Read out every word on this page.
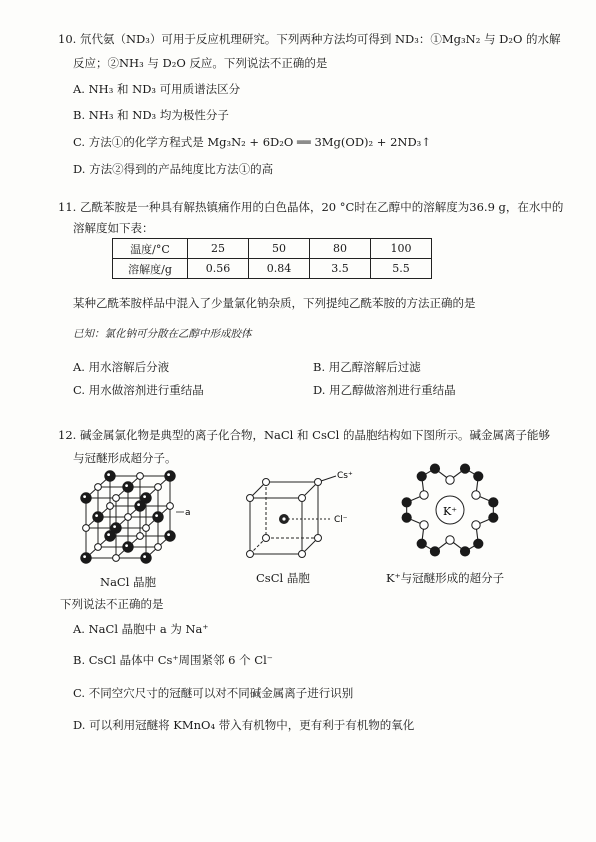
10. 氘代氨（ND₃）可用于反应机理研究。下列两种方法均可得到 ND₃：①Mg₃N₂ 与 D₂O 的水解
反应；②NH₃ 与 D₂O 反应。下列说法不正确的是
A. NH₃ 和 ND₃ 可用质谱法区分
B. NH₃ 和 ND₃ 均为极性分子
C. 方法①的化学方程式是 Mg₃N₂ + 6D₂O ══ 3Mg(OD)₂ + 2ND₃↑
D. 方法②得到的产品纯度比方法①的高
11. 乙酰苯胺是一种具有解热镇痛作用的白色晶体，20 °C时在乙醇中的溶解度为36.9 g，在水中的
溶解度如下表：
温度/°C	25	50	80	100
溶解度/g	0.56	0.84	3.5	5.5
某种乙酰苯胺样品中混入了少量氯化钠杂质，下列提纯乙酰苯胺的方法正确的是
已知：氯化钠可分散在乙醇中形成胶体
A. 用水溶解后分液	B. 用乙醇溶解后过滤
C. 用水做溶剂进行重结晶	D. 用乙醇做溶剂进行重结晶
12. 碱金属氯化物是典型的离子化合物，NaCl 和 CsCl 的晶胞结构如下图所示。碱金属离子能够
与冠醚形成超分子。
a
Cs⁺
Cl⁻
K⁺
NaCl 晶胞	CsCl 晶胞	K⁺与冠醚形成的超分子
下列说法不正确的是
A. NaCl 晶胞中 a 为 Na⁺
B. CsCl 晶体中 Cs⁺周围紧邻 6 个 Cl⁻
C. 不同空穴尺寸的冠醚可以对不同碱金属离子进行识别
D. 可以利用冠醚将 KMnO₄ 带入有机物中，更有利于有机物的氧化
